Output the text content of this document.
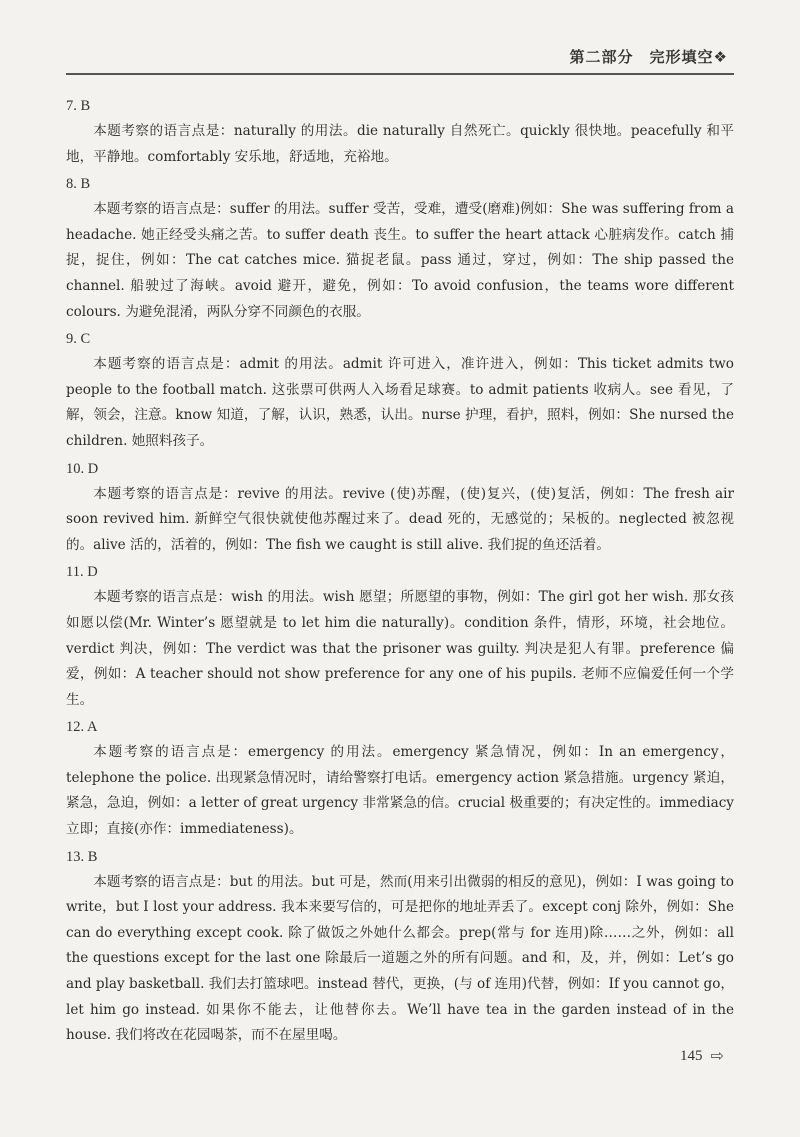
第二部分　完形填空❖
7. B

本题考察的语言点是：naturally 的用法。die naturally 自然死亡。quickly 很快地。peacefully 和平地，平静地。comfortably 安乐地，舒适地，充裕地。

8. B

本题考察的语言点是：suffer 的用法。suffer 受苦，受难，遭受(磨难)例如：She was suffering from a headache. 她正经受头痛之苦。to suffer death 丧生。to suffer the heart attack 心脏病发作。catch 捕捉，捉住，例如：The cat catches mice. 猫捉老鼠。pass 通过，穿过，例如：The ship passed the channel. 船驶过了海峡。avoid 避开，避免，例如：To avoid confusion，the teams wore different colours. 为避免混淆，两队分穿不同颜色的衣服。

9. C

本题考察的语言点是：admit 的用法。admit 许可进入，准许进入，例如：This ticket admits two people to the football match. 这张票可供两人入场看足球赛。to admit patients 收病人。see 看见，了解，领会，注意。know 知道，了解，认识，熟悉，认出。nurse 护理，看护，照料，例如：She nursed the children. 她照料孩子。

10. D

本题考察的语言点是：revive 的用法。revive (使)苏醒，(使)复兴，(使)复活，例如：The fresh air soon revived him. 新鲜空气很快就使他苏醒过来了。dead 死的，无感觉的；呆板的。neglected 被忽视的。alive 活的，活着的，例如：The fish we caught is still alive. 我们捉的鱼还活着。

11. D

本题考察的语言点是：wish 的用法。wish 愿望；所愿望的事物，例如：The girl got her wish. 那女孩如愿以偿(Mr. Winter’s 愿望就是 to let him die naturally)。condition 条件，情形，环境，社会地位。verdict 判决，例如：The verdict was that the prisoner was guilty. 判决是犯人有罪。preference 偏爱，例如：A teacher should not show preference for any one of his pupils. 老师不应偏爱任何一个学生。

12. A

本题考察的语言点是：emergency 的用法。emergency 紧急情况，例如：In an emergency，telephone the police. 出现紧急情况时，请给警察打电话。emergency action 紧急措施。urgency 紧迫，紧急，急迫，例如：a letter of great urgency 非常紧急的信。crucial 极重要的；有决定性的。immediacy 立即；直接(亦作：immediateness)。

13. B

本题考察的语言点是：but 的用法。but 可是，然而(用来引出微弱的相反的意见)，例如：I was going to write，but I lost your address. 我本来要写信的，可是把你的地址弄丢了。except conj 除外，例如：She can do everything except cook. 除了做饭之外她什么都会。prep(常与 for 连用)除……之外，例如：all the questions except for the last one 除最后一道题之外的所有问题。and 和，及，并，例如：Let’s go and play basketball. 我们去打篮球吧。instead 替代，更换，(与 of 连用)代替，例如：If you cannot go，let him go instead. 如果你不能去，让他替你去。We’ll have tea in the garden instead of in the house. 我们将改在花园喝茶，而不在屋里喝。

145 ⇨
